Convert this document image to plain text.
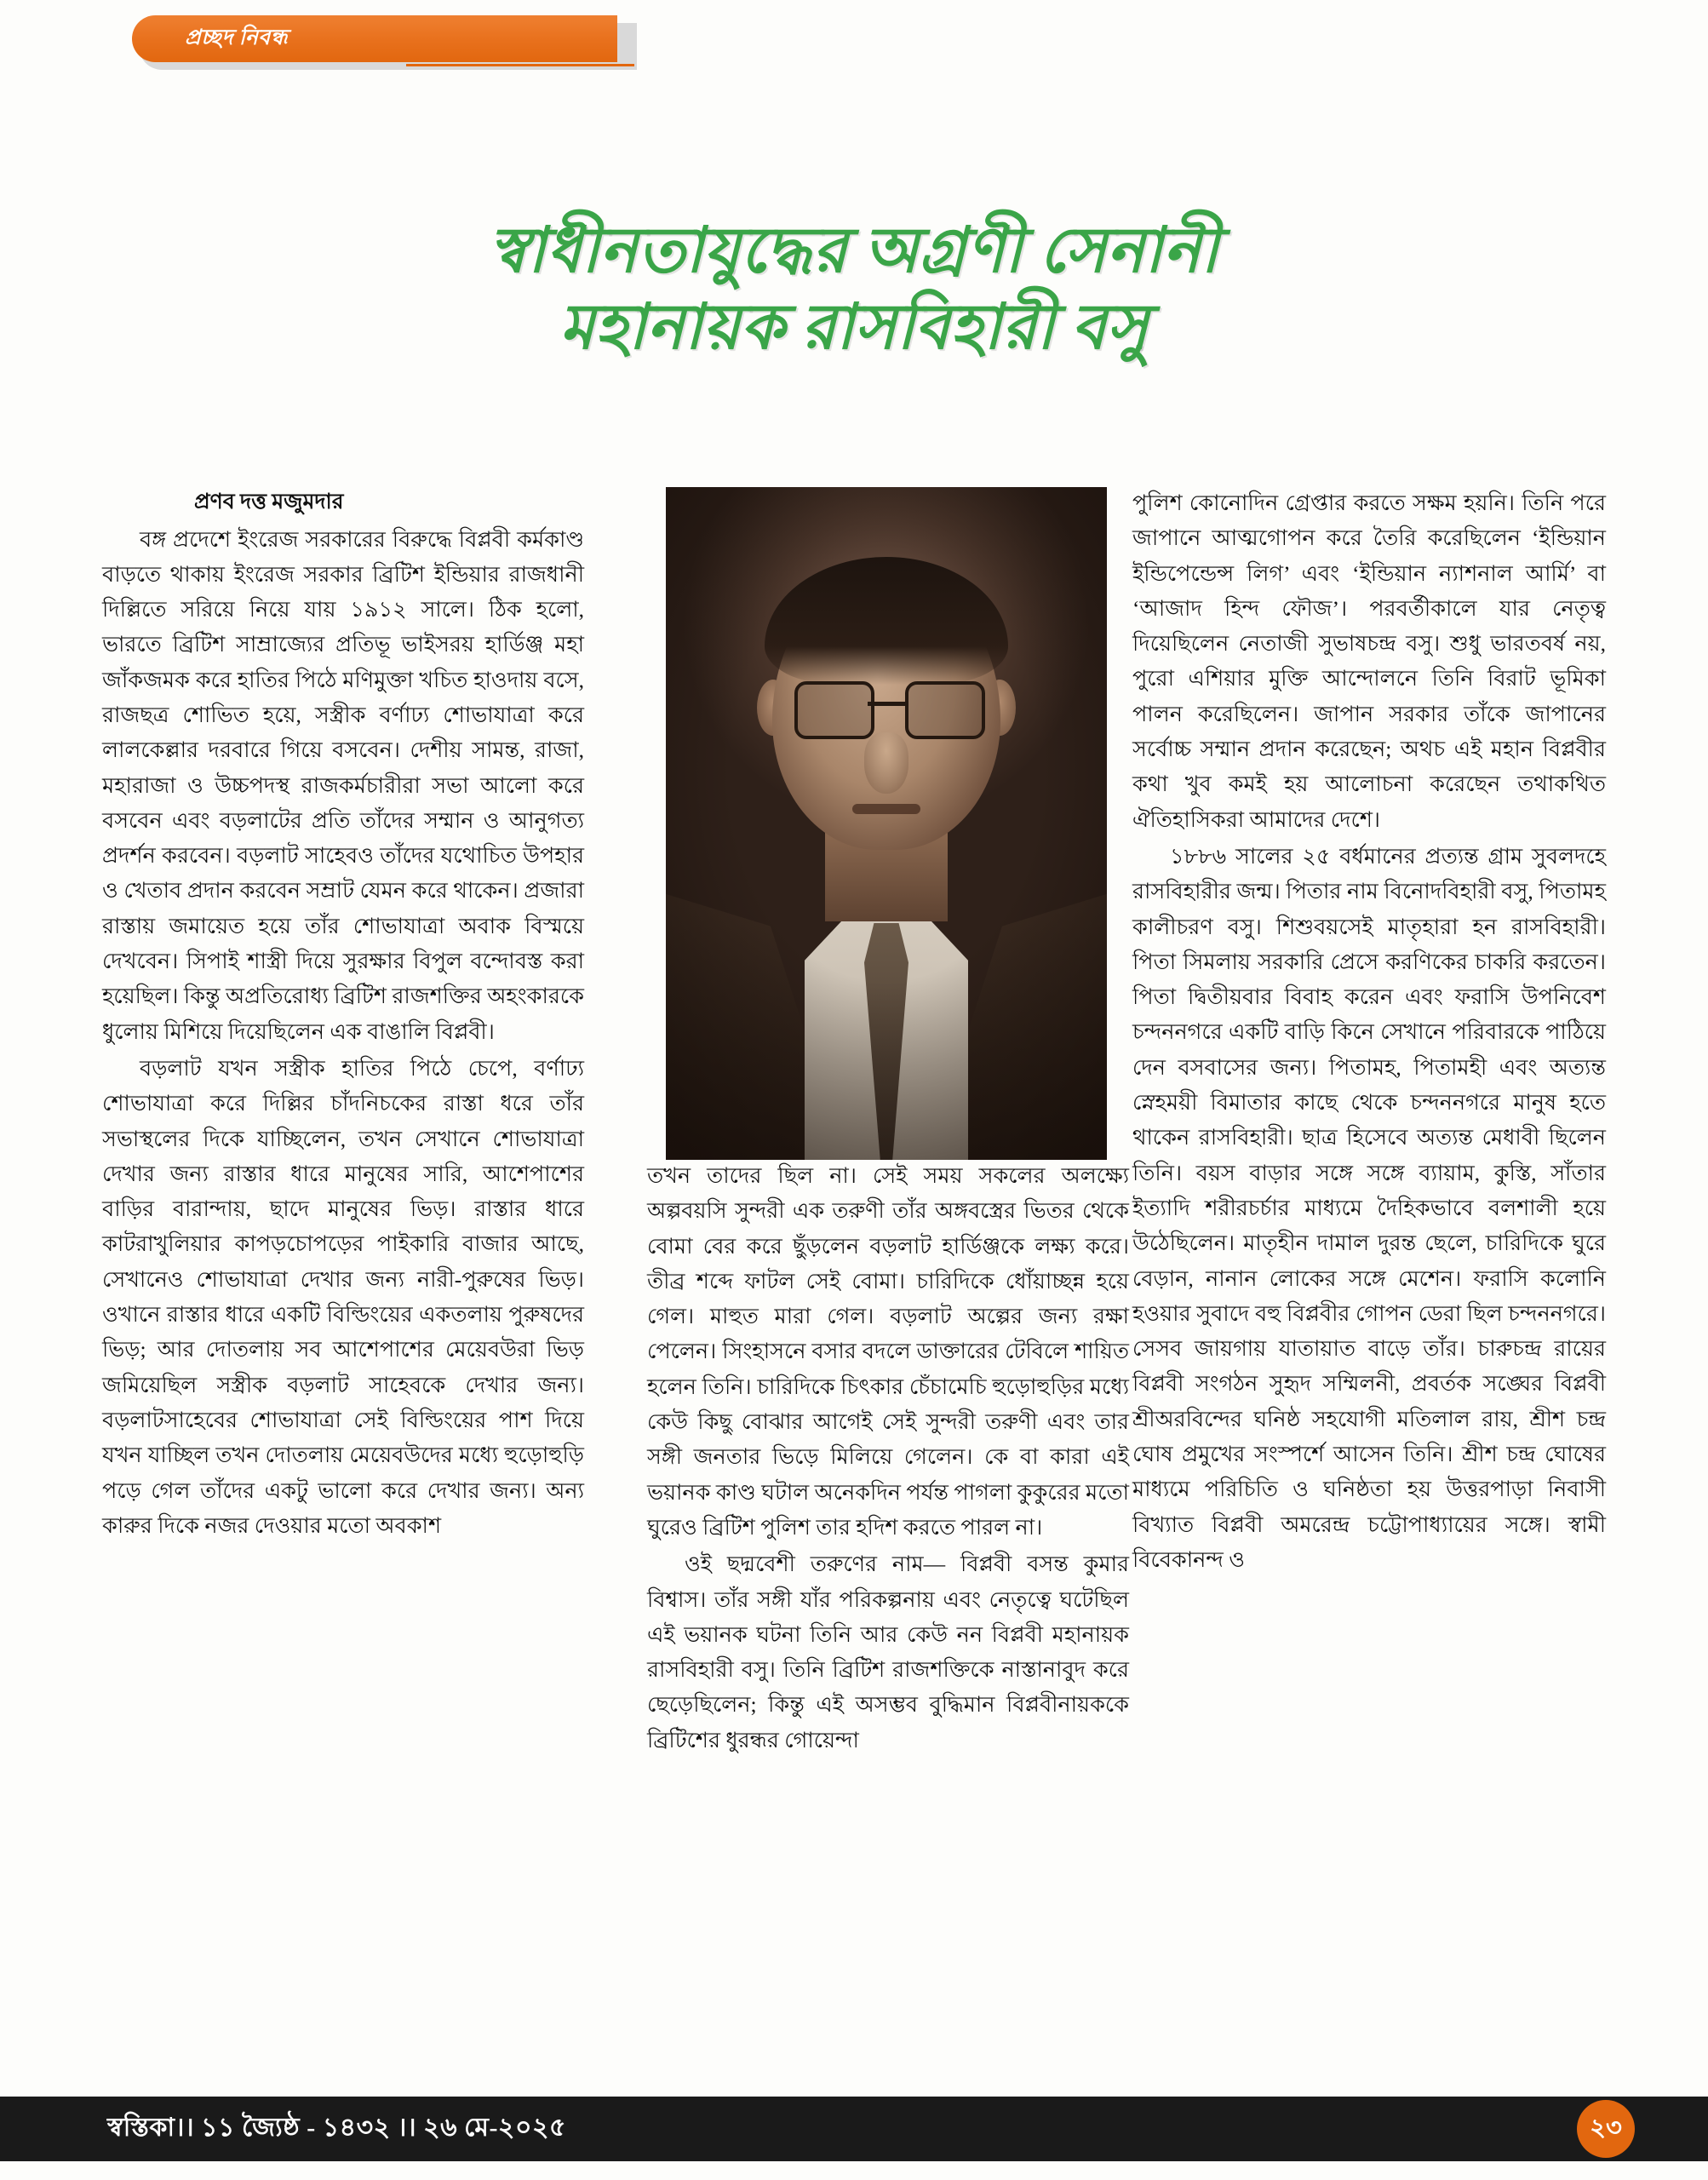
প্রচ্ছদ নিবন্ধ
স্বাধীনতাযুদ্ধের অগ্রণী সেনানী
মহানায়ক রাসবিহারী বসু

প্রণব দত্ত মজুমদার

বঙ্গ প্রদেশে ইংরেজ সরকারের বিরুদ্ধে বিপ্লবী কর্মকাণ্ড বাড়তে থাকায় ইংরেজ সরকার ব্রিটিশ ইন্ডিয়ার রাজধানী দিল্লিতে সরিয়ে নিয়ে যায় ১৯১২ সালে। ঠিক হলো, ভারতে ব্রিটিশ সাম্রাজ্যের প্রতিভূ ভাইসরয় হার্ডিঞ্জ মহা জাঁকজমক করে হাতির পিঠে মণিমুক্তা খচিত হাওদায় বসে, রাজছত্র শোভিত হয়ে, সস্ত্রীক বর্ণাঢ্য শোভাযাত্রা করে লালকেল্লার দরবারে গিয়ে বসবেন। দেশীয় সামন্ত, রাজা, মহারাজা ও উচ্চপদস্থ রাজকর্মচারীরা সভা আলো করে বসবেন এবং বড়লাটের প্রতি তাঁদের সম্মান ও আনুগত্য প্রদর্শন করবেন। বড়লাট সাহেবও তাঁদের যথোচিত উপহার ও খেতাব প্রদান করবেন সম্রাট যেমন করে থাকেন। প্রজারা রাস্তায় জমায়েত হয়ে তাঁর শোভাযাত্রা অবাক বিস্ময়ে দেখবেন। সিপাই শাস্ত্রী দিয়ে সুরক্ষার বিপুল বন্দোবস্ত করা হয়েছিল। কিন্তু অপ্রতিরোধ্য ব্রিটিশ রাজশক্তির অহংকারকে ধুলোয় মিশিয়ে দিয়েছিলেন এক বাঙালি বিপ্লবী।

বড়লাট যখন সস্ত্রীক হাতির পিঠে চেপে, বর্ণাঢ্য শোভাযাত্রা করে দিল্লির চাঁদনিচকের রাস্তা ধরে তাঁর সভাস্থলের দিকে যাচ্ছিলেন, তখন সেখানে শোভাযাত্রা দেখার জন্য রাস্তার ধারে মানুষের সারি, আশেপাশের বাড়ির বারান্দায়, ছাদে মানুষের ভিড়। রাস্তার ধারে কাটরাখুলিয়ার কাপড়চোপড়ের পাইকারি বাজার আছে, সেখানেও শোভাযাত্রা দেখার জন্য নারী-পুরুষের ভিড়। ওখানে রাস্তার ধারে একটি বিল্ডিংয়ের একতলায় পুরুষদের ভিড়; আর দোতলায় সব আশেপাশের মেয়েবউরা ভিড় জমিয়েছিল সস্ত্রীক বড়লাট সাহেবকে দেখার জন্য। বড়লাটসাহেবের শোভাযাত্রা সেই বিল্ডিংয়ের পাশ দিয়ে যখন যাচ্ছিল তখন দোতলায় মেয়েবউদের মধ্যে হুড়োহুড়ি পড়ে গেল তাঁদের একটু ভালো করে দেখার জন্য। অন্য কারুর দিকে নজর দেওয়ার মতো অবকাশ

তখন তাদের ছিল না। সেই সময় সকলের অলক্ষ্যে অল্পবয়সি সুন্দরী এক তরুণী তাঁর অঙ্গবস্ত্রের ভিতর থেকে বোমা বের করে ছুঁড়লেন বড়লাট হার্ডিঞ্জকে লক্ষ্য করে। তীব্র শব্দে ফাটল সেই বোমা। চারিদিকে ধোঁয়াচ্ছন্ন হয়ে গেল। মাহুত মারা গেল। বড়লাট অল্পের জন্য রক্ষা পেলেন। সিংহাসনে বসার বদলে ডাক্তারের টেবিলে শায়িত হলেন তিনি। চারিদিকে চিৎকার চেঁচামেচি হুড়োহুড়ির মধ্যে কেউ কিছু বোঝার আগেই সেই সুন্দরী তরুণী এবং তার সঙ্গী জনতার ভিড়ে মিলিয়ে গেলেন। কে বা কারা এই ভয়ানক কাণ্ড ঘটাল অনেকদিন পর্যন্ত পাগলা কুকুরের মতো ঘুরেও ব্রিটিশ পুলিশ তার হদিশ করতে পারল না।

ওই ছদ্মবেশী তরুণের নাম— বিপ্লবী বসন্ত কুমার বিশ্বাস। তাঁর সঙ্গী যাঁর পরিকল্পনায় এবং নেতৃত্বে ঘটেছিল এই ভয়ানক ঘটনা তিনি আর কেউ নন বিপ্লবী মহানায়ক রাসবিহারী বসু। তিনি ব্রিটিশ রাজশক্তিকে নাস্তানাবুদ করে ছেড়েছিলেন; কিন্তু এই অসম্ভব বুদ্ধিমান বিপ্লবীনায়ককে ব্রিটিশের ধুরন্ধর গোয়েন্দা

পুলিশ কোনোদিন গ্রেপ্তার করতে সক্ষম হয়নি। তিনি পরে জাপানে আত্মগোপন করে তৈরি করেছিলেন ‘ইন্ডিয়ান ইন্ডিপেন্ডেন্স লিগ’ এবং ‘ইন্ডিয়ান ন্যাশনাল আর্মি’ বা ‘আজাদ হিন্দ ফৌজ’। পরবর্তীকালে যার নেতৃত্ব দিয়েছিলেন নেতাজী সুভাষচন্দ্র বসু। শুধু ভারতবর্ষ নয়, পুরো এশিয়ার মুক্তি আন্দোলনে তিনি বিরাট ভূমিকা পালন করেছিলেন। জাপান সরকার তাঁকে জাপানের সর্বোচ্চ সম্মান প্রদান করেছেন; অথচ এই মহান বিপ্লবীর কথা খুব কমই হয় আলোচনা করেছেন তথাকথিত ঐতিহাসিকরা আমাদের দেশে।

১৮৮৬ সালের ২৫ বর্ধমানের প্রত্যন্ত গ্রাম সুবলদহে রাসবিহারীর জন্ম। পিতার নাম বিনোদবিহারী বসু, পিতামহ কালীচরণ বসু। শিশুবয়সেই মাতৃহারা হন রাসবিহারী। পিতা সিমলায় সরকারি প্রেসে করণিকের চাকরি করতেন। পিতা দ্বিতীয়বার বিবাহ করেন এবং ফরাসি উপনিবেশ চন্দননগরে একটি বাড়ি কিনে সেখানে পরিবারকে পাঠিয়ে দেন বসবাসের জন্য। পিতামহ, পিতামহী এবং অত্যন্ত স্নেহময়ী বিমাতার কাছে থেকে চন্দননগরে মানুষ হতে থাকেন রাসবিহারী। ছাত্র হিসেবে অত্যন্ত মেধাবী ছিলেন তিনি। বয়স বাড়ার সঙ্গে সঙ্গে ব্যায়াম, কুস্তি, সাঁতার ইত্যাদি শরীরচর্চার মাধ্যমে দৈহিকভাবে বলশালী হয়ে উঠেছিলেন। মাতৃহীন দামাল দুরন্ত ছেলে, চারিদিকে ঘুরে বেড়ান, নানান লোকের সঙ্গে মেশেন। ফরাসি কলোনি হওয়ার সুবাদে বহু বিপ্লবীর গোপন ডেরা ছিল চন্দননগরে। সেসব জায়গায় যাতায়াত বাড়ে তাঁর। চারুচন্দ্র রায়ের বিপ্লবী সংগঠন সুহৃদ সম্মিলনী, প্রবর্তক সঙ্ঘের বিপ্লবী শ্রীঅরবিন্দের ঘনিষ্ঠ সহযোগী মতিলাল রায়, শ্রীশ চন্দ্র ঘোষ প্রমুখের সংস্পর্শে আসেন তিনি। শ্রীশ চন্দ্র ঘোষের মাধ্যমে পরিচিতি ও ঘনিষ্ঠতা হয় উত্তরপাড়া নিবাসী বিখ্যাত বিপ্লবী অমরেন্দ্র চট্টোপাধ্যায়ের সঙ্গে। স্বামী বিবেকানন্দ ও

স্বস্তিকা।। ১১ জ্যৈষ্ঠ - ১৪৩২ ।। ২৬ মে-২০২৫	২৩
